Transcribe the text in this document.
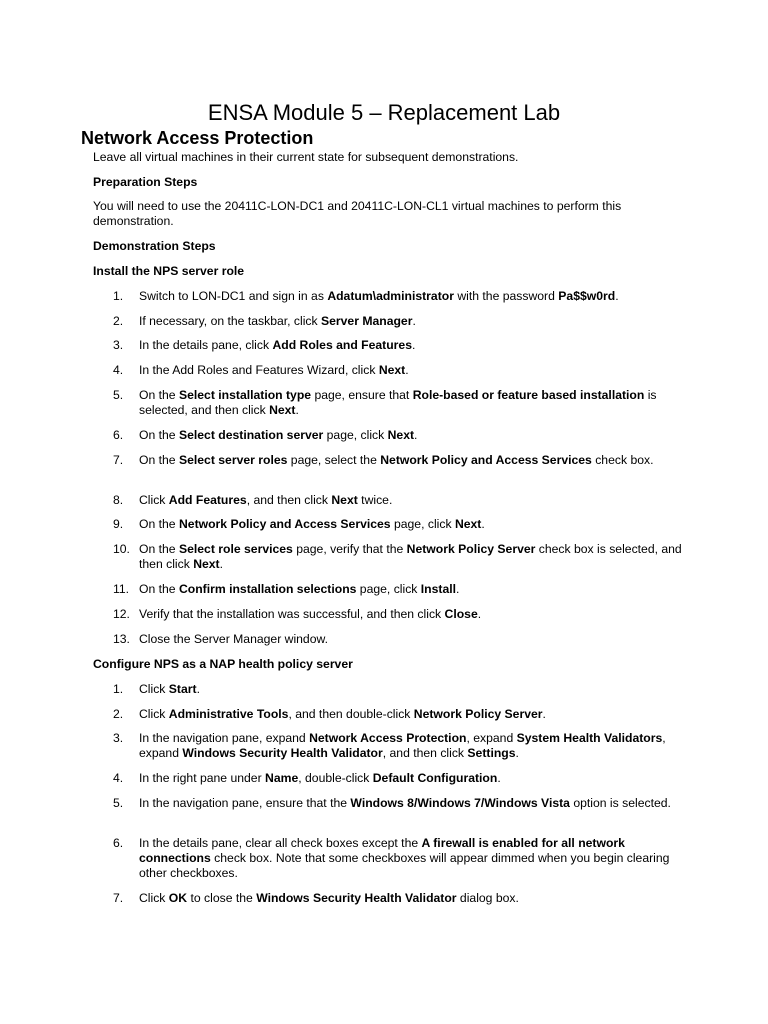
ENSA Module 5 – Replacement Lab
Network Access Protection
Leave all virtual machines in their current state for subsequent demonstrations.
Preparation Steps
You will need to use the 20411C-LON-DC1 and 20411C-LON-CL1 virtual machines to perform this demonstration.
Demonstration Steps
Install the NPS server role
1.	Switch to LON-DC1 and sign in as Adatum\administrator with the password Pa$$w0rd.
2.	If necessary, on the taskbar, click Server Manager.
3.	In the details pane, click Add Roles and Features.
4.	In the Add Roles and Features Wizard, click Next.
5.	On the Select installation type page, ensure that Role-based or feature based installation is selected, and then click Next.
6.	On the Select destination server page, click Next.
7.	On the Select server roles page, select the Network Policy and Access Services check box.
8.	Click Add Features, and then click Next twice.
9.	On the Network Policy and Access Services page, click Next.
10. On the Select role services page, verify that the Network Policy Server check box is selected, and then click Next.
11. On the Confirm installation selections page, click Install.
12. Verify that the installation was successful, and then click Close.
13. Close the Server Manager window.
Configure NPS as a NAP health policy server
1.	Click Start.
2.	Click Administrative Tools, and then double-click Network Policy Server.
3.	In the navigation pane, expand Network Access Protection, expand System Health Validators, expand Windows Security Health Validator, and then click Settings.
4.	In the right pane under Name, double-click Default Configuration.
5.	In the navigation pane, ensure that the Windows 8/Windows 7/Windows Vista option is selected.
6.	In the details pane, clear all check boxes except the A firewall is enabled for all network connections check box. Note that some checkboxes will appear dimmed when you begin clearing other checkboxes.
7.	Click OK to close the Windows Security Health Validator dialog box.
